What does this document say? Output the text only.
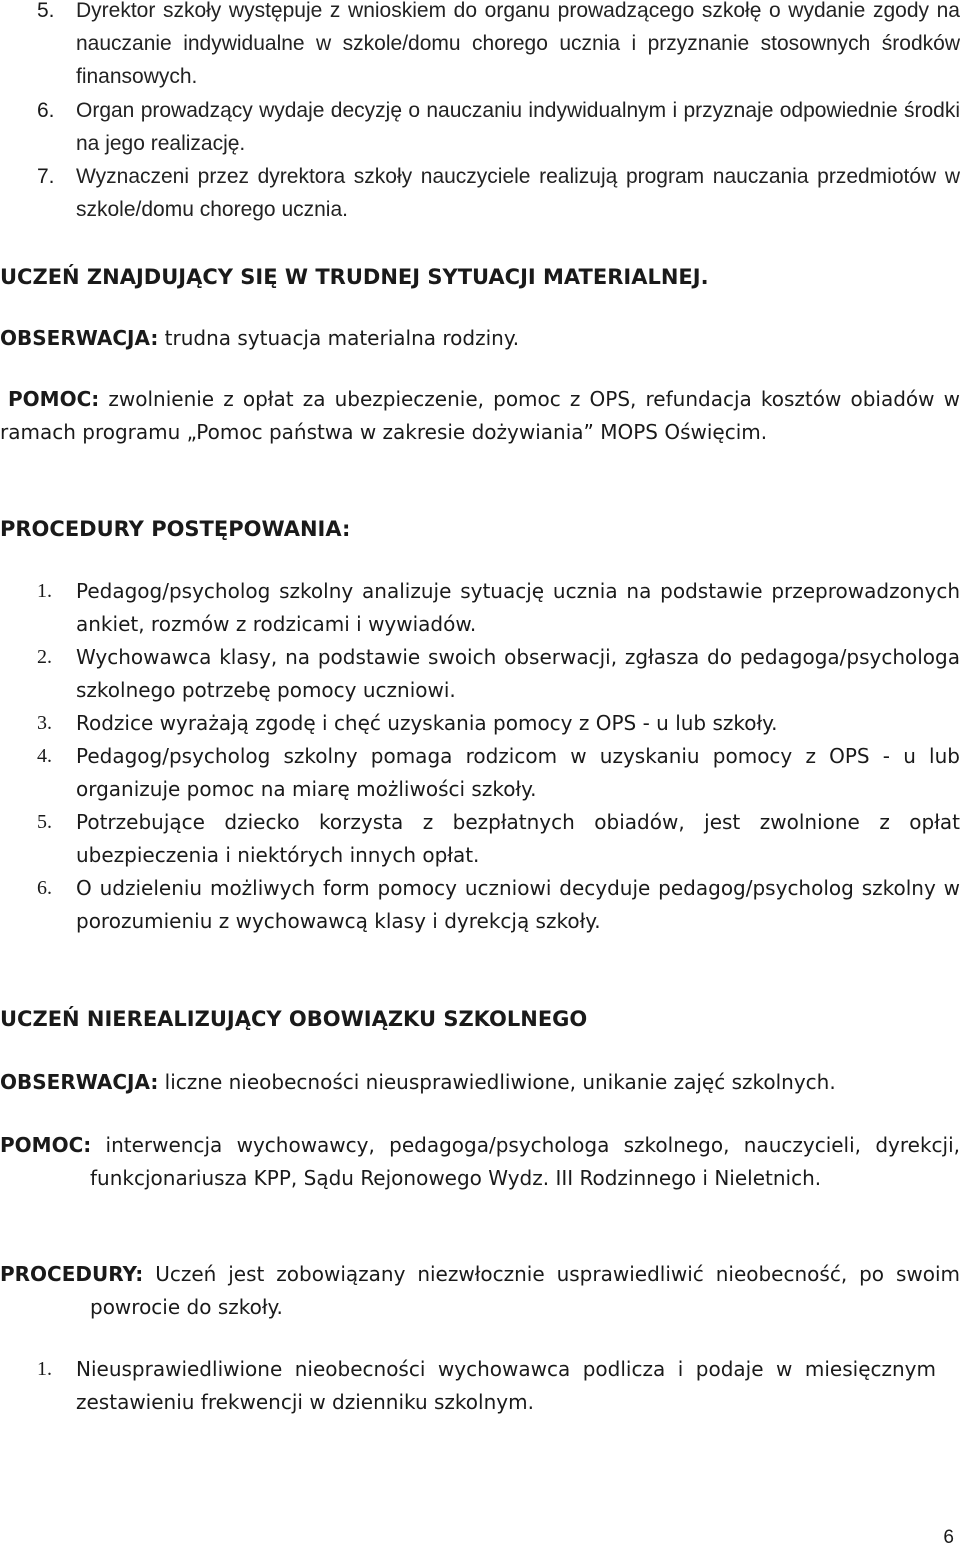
5. Dyrektor szkoły występuje z wnioskiem do organu prowadzącego szkołę o wydanie zgody na nauczanie indywidualne w szkole/domu chorego ucznia i przyznanie stosownych środków finansowych.
6. Organ prowadzący wydaje decyzję o nauczaniu indywidualnym i przyznaje odpowiednie środki na jego realizację.
7. Wyznaczeni przez dyrektora szkoły nauczyciele realizują program nauczania przedmiotów w szkole/domu chorego ucznia.
UCZEŃ ZNAJDUJĄCY SIĘ W TRUDNEJ SYTUACJI MATERIALNEJ.
OBSERWACJA: trudna sytuacja materialna rodziny.
POMOC: zwolnienie z opłat za ubezpieczenie, pomoc z OPS, refundacja kosztów obiadów w ramach programu „Pomoc państwa w zakresie dożywiania” MOPS Oświęcim.
PROCEDURY POSTĘPOWANIA:
1. Pedagog/psycholog szkolny analizuje sytuację ucznia na podstawie przeprowadzonych ankiet, rozmów z rodzicami i wywiadów.
2. Wychowawca klasy, na podstawie swoich obserwacji, zgłasza do pedagoga/psychologa szkolnego potrzebę pomocy uczniowi.
3. Rodzice wyrażają zgodę i chęć uzyskania pomocy z OPS - u lub szkoły.
4. Pedagog/psycholog szkolny pomaga rodzicom w uzyskaniu pomocy z OPS - u lub organizuje pomoc na miarę możliwości szkoły.
5. Potrzebujące dziecko korzysta z bezpłatnych obiadów, jest zwolnione z opłat ubezpieczenia i niektórych innych opłat.
6. O udzieleniu możliwych form pomocy uczniowi decyduje pedagog/psycholog szkolny w porozumieniu z wychowawcą klasy i dyrekcją szkoły.
UCZEŃ NIEREALIZUJĄCY OBOWIĄZKU SZKOLNEGO
OBSERWACJA: liczne nieobecności nieusprawiedliwione, unikanie zajęć szkolnych.
POMOC: interwencja wychowawcy, pedagoga/psychologa szkolnego, nauczycieli, dyrekcji, funkcjonariusza KPP, Sądu Rejonowego Wydz. III Rodzinnego i Nieletnich.
PROCEDURY: Uczeń jest zobowiązany niezwłocznie usprawiedliwić nieobecność, po swoim powrocie do szkoły.
1. Nieusprawiedliwione nieobecności wychowawca podlicza i podaje w miesięcznym zestawieniu frekwencji w dzienniku szkolnym.
6
